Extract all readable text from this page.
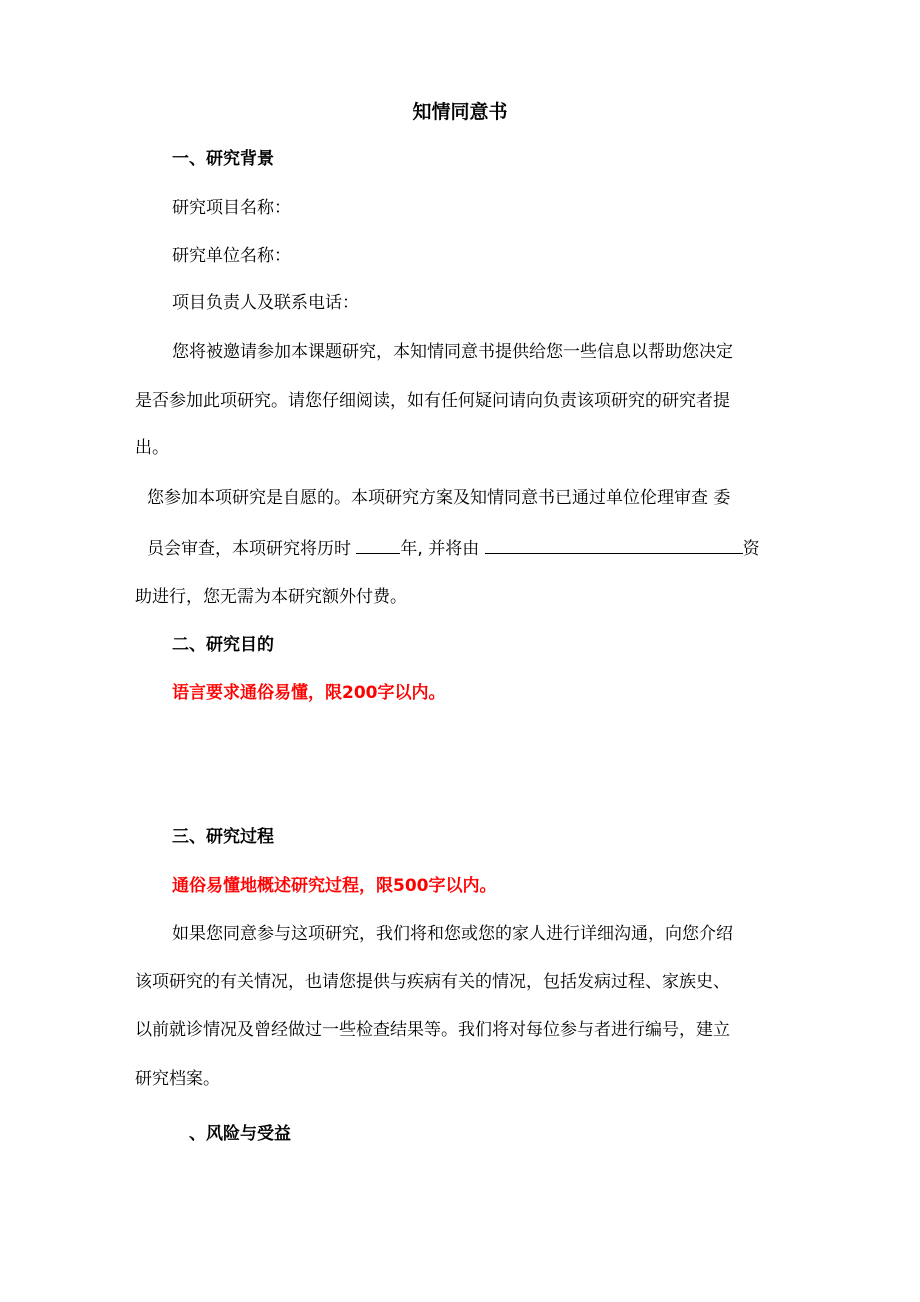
知情同意书
一、研究背景
研究项目名称：
研究单位名称：
项目负责人及联系电话：
您将被邀请参加本课题研究，本知情同意书提供给您一些信息以帮助您决定
是否参加此项研究。请您仔细阅读，如有任何疑问请向负责该项研究的研究者提
出。
您参加本项研究是自愿的。本项研究方案及知情同意书已通过单位伦理审查 委
员会审查，本项研究将历时	年, 并将由	资
助进行，您无需为本研究额外付费。
二、研究目的
语言要求通俗易懂，限200字以内。
三、研究过程
通俗易懂地概述研究过程，限500字以内。
如果您同意参与这项研究，我们将和您或您的家人进行详细沟通，向您介绍
该项研究的有关情况，也请您提供与疾病有关的情况，包括发病过程、家族史、
以前就诊情况及曾经做过一些检查结果等。我们将对每位参与者进行编号，建立
研究档案。
、风险与受益
